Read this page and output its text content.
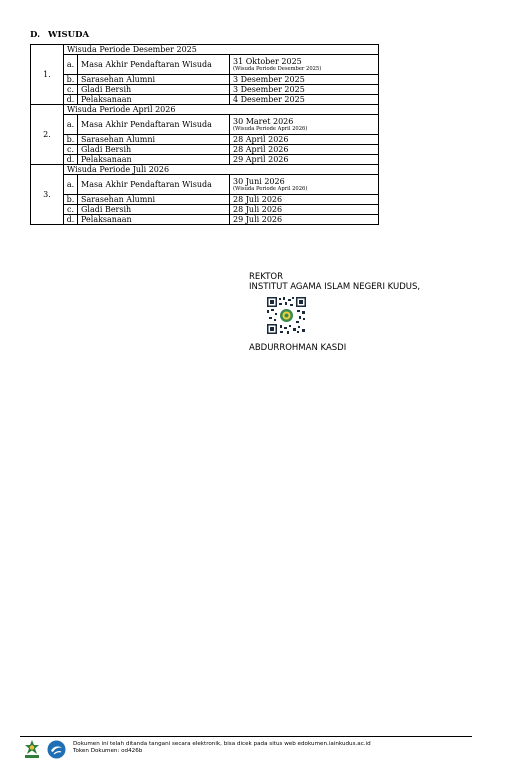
D. WISUDA
1.	Wisuda Periode Desember 2025		
	a.	Masa Akhir Pendaftaran Wisuda	31 Oktober 2025
(Wisuda Periode Desember 2025)

	b.	Sarasehan Alumni	3 Desember 2025
	c.	Gladi Bersih	3 Desember 2025
	d.	Pelaksanaan	4 Desember 2025
2.	Wisuda Periode April 2026		
	a.	Masa Akhir Pendaftaran Wisuda	30 Maret 2026
(Wisuda Periode April 2026)

	b.	Sarasehan Alumni	28 April 2026
	c.	Gladi Bersih	28 April 2026
	d.	Pelaksanaan	29 April 2026
3.	Wisuda Periode Juli 2026		
	a.	Masa Akhir Pendaftaran Wisuda	30 Juni 2026
(Wisuda Periode April 2026)

	b.	Sarasehan Alumni	28 Juli 2026
	c.	Gladi Bersih	28 Juli 2026
	d.	Pelaksanaan	29 Juli 2026
REKTOR
INSTITUT AGAMA ISLAM NEGERI KUDUS,
ABDURROHMAN KASDI
Dokumen ini telah ditanda tangani secara elektronik, bisa dicek pada situs web edokumen.iainkudus.ac.id
Token Dokumen: od426b
